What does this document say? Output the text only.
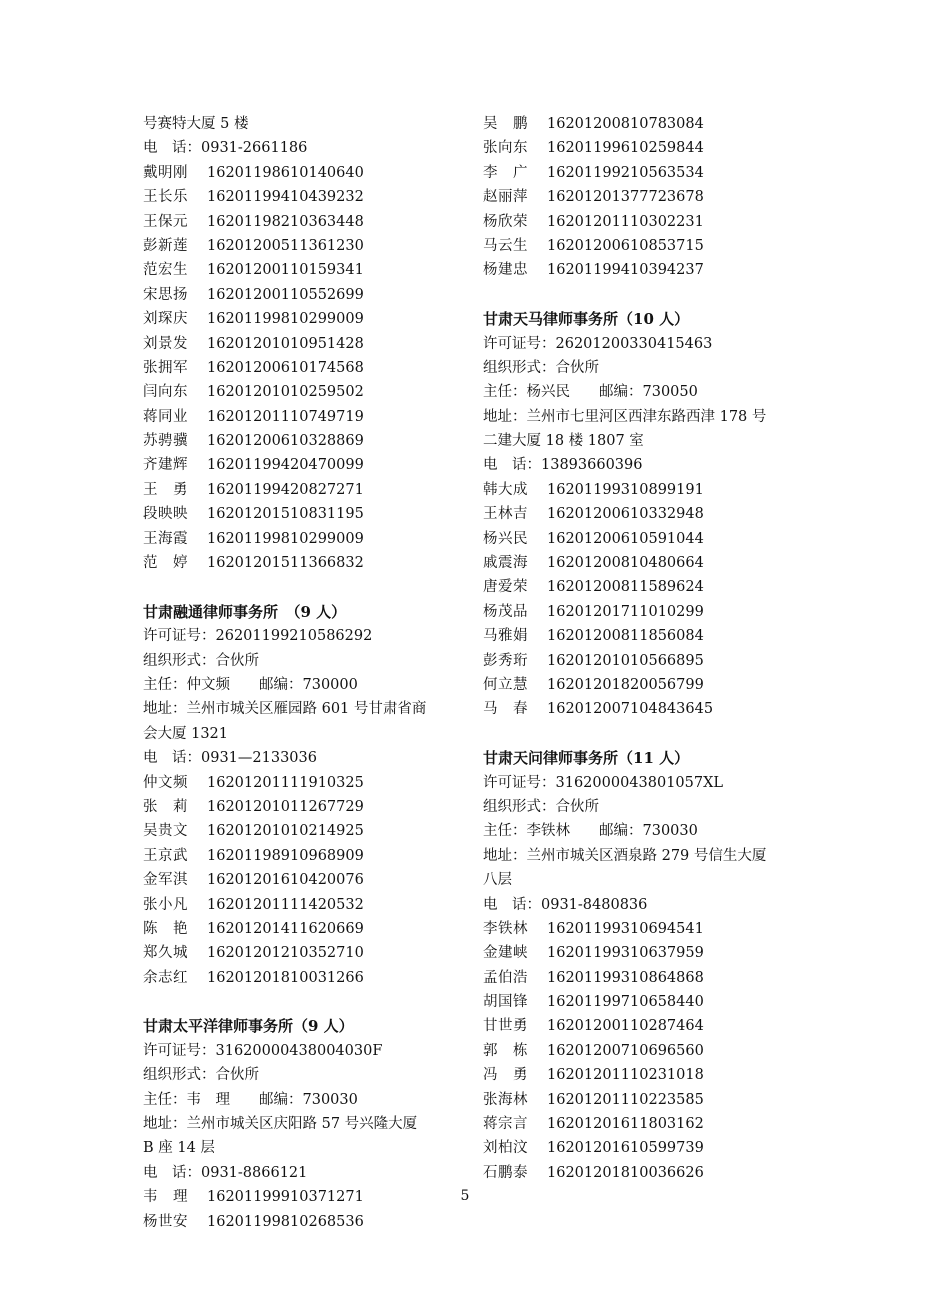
号赛特大厦 5 楼
电　话：0931-2661186
戴明刚 16201198610140640
王长乐 16201199410439232
王保元 16201198210363448
彭新莲 16201200511361230
范宏生 16201200110159341
宋思扬 16201200110552699
刘琛庆 16201199810299009
刘景发 16201201010951428
张拥军 16201200610174568
闫向东 16201201010259502
蒋同业 16201201110749719
苏骋骥 16201200610328869
齐建辉 16201199420470099
王　勇 16201199420827271
段映映 16201201510831195
王海霞 16201199810299009
范　婷 16201201511366832
甘肃融通律师事务所　（9 人）
许可证号：26201199210586292
组织形式：合伙所
主任：仲文频　　邮编：730000
地址：兰州市城关区雁园路 601 号甘肃省商
会大厦 1321
电　话：0931—2133036
仲文频 16201201111910325
张　莉 16201201011267729
吴贵文 16201201010214925
王京武 16201198910968909
金军淇 16201201610420076
张小凡 16201201111420532
陈　艳 16201201411620669
郑久城 16201201210352710
余志红 16201201810031266
甘肃太平洋律师事务所（9 人）
许可证号：31620000438004030F
组织形式：合伙所
主任：韦　理　　邮编：730030
地址：兰州市城关区庆阳路 57 号兴隆大厦
B 座 14 层
电　话：0931-8866121
韦　理 16201199910371271
杨世安 16201199810268536
吴　鹏 16201200810783084
张向东 16201199610259844
李　广 16201199210563534
赵丽萍 16201201377723678
杨欣荣 16201201110302231
马云生 16201200610853715
杨建忠 16201199410394237
甘肃天马律师事务所（10 人）
许可证号：26201200330415463
组织形式：合伙所
主任：杨兴民　　邮编：730050
地址：兰州市七里河区西津东路西津 178 号
二建大厦 18 楼 1807 室
电　话：13893660396
韩大成 16201199310899191
王林吉 16201200610332948
杨兴民 16201200610591044
戚震海 16201200810480664
唐爱荣 16201200811589624
杨茂品 16201201711010299
马雅娟 16201200811856084
彭秀珩 16201201010566895
何立慧 16201201820056799
马　春 162012007104843645
甘肃天问律师事务所（11 人）
许可证号：3162000043801057XL
组织形式：合伙所
主任：李铁林　　邮编：730030
地址：兰州市城关区酒泉路 279 号信生大厦
八层
电　话：0931-8480836
李铁林 16201199310694541
金建峡 16201199310637959
孟伯浩 16201199310864868
胡国锋 16201199710658440
甘世勇 16201200110287464
郭　栋 16201200710696560
冯　勇 16201201110231018
张海林 16201201110223585
蒋宗言 16201201611803162
刘柏汶 16201201610599739
石鹏泰 16201201810036626
5
